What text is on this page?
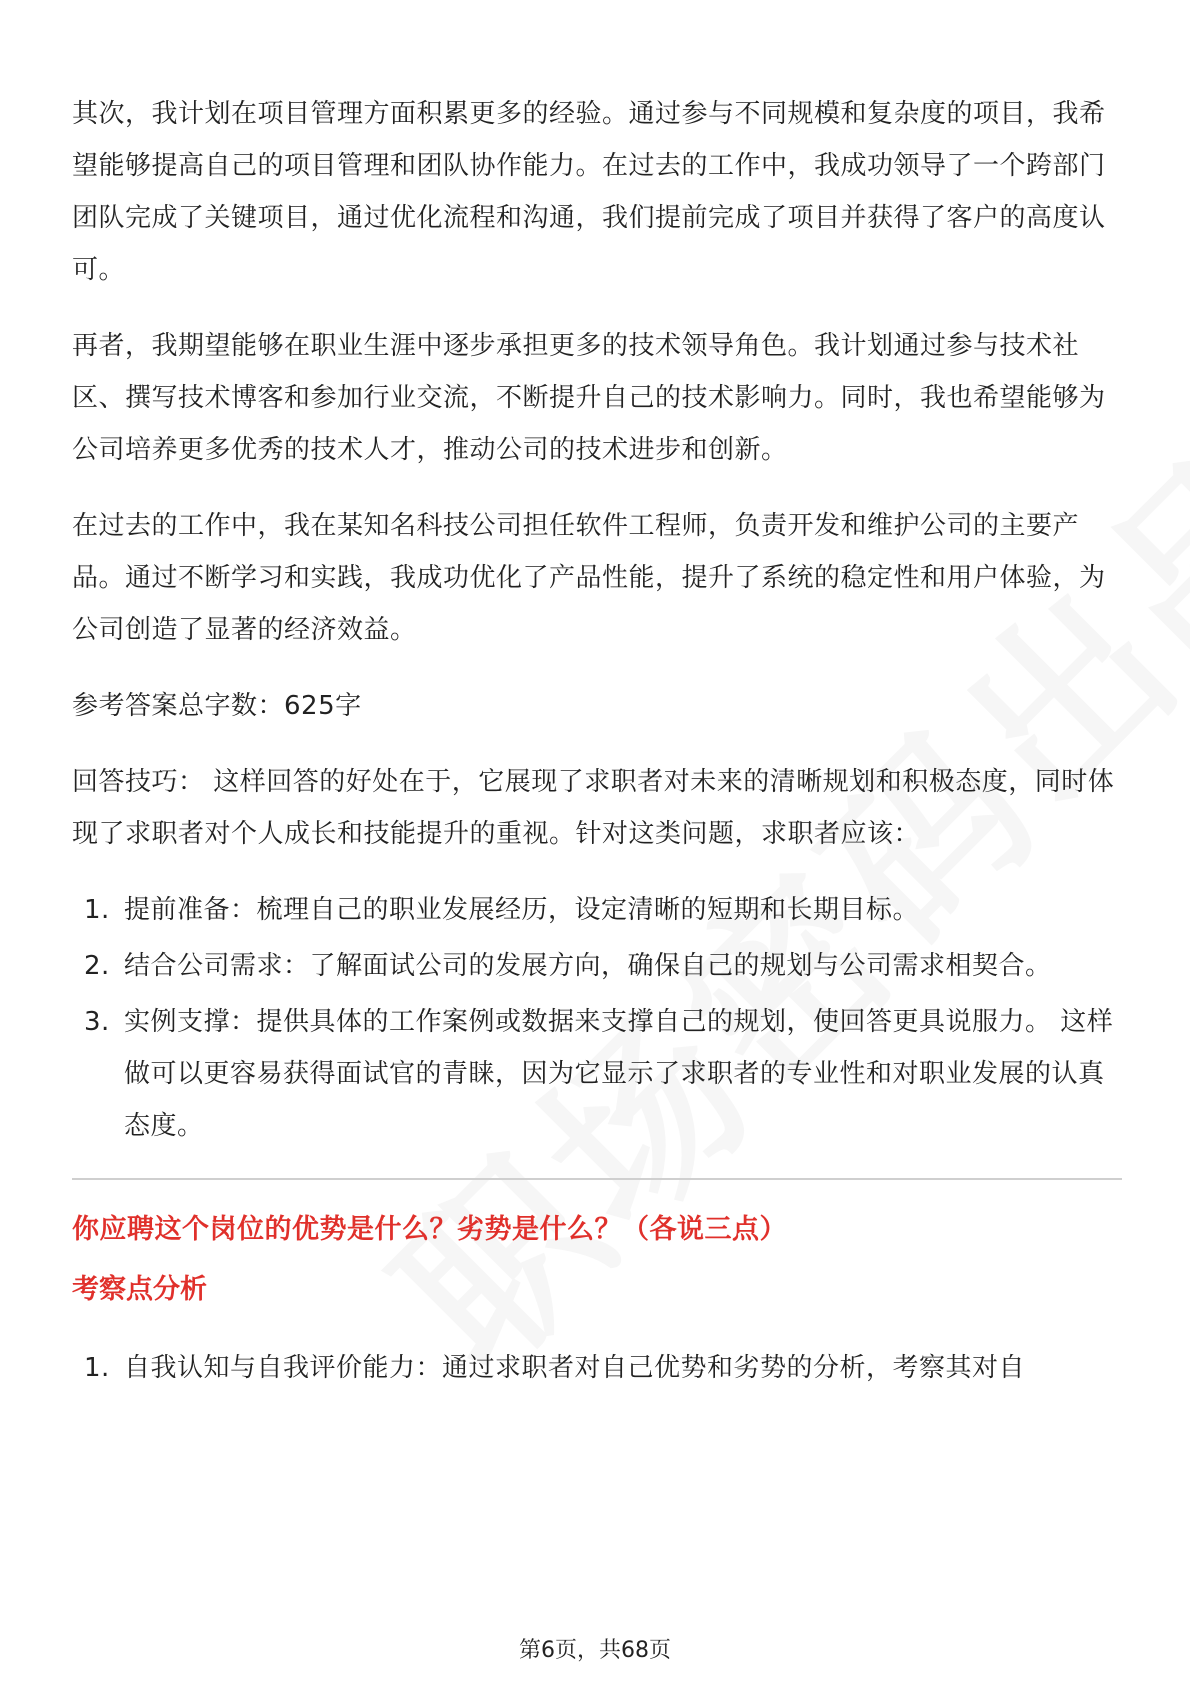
其次，我计划在项目管理方面积累更多的经验。通过参与不同规模和复杂度的项目，我希望能够提高自己的项目管理和团队协作能力。在过去的工作中，我成功领导了一个跨部门团队完成了关键项目，通过优化流程和沟通，我们提前完成了项目并获得了客户的高度认可。

再者，我期望能够在职业生涯中逐步承担更多的技术领导角色。我计划通过参与技术社区、撰写技术博客和参加行业交流，不断提升自己的技术影响力。同时，我也希望能够为公司培养更多优秀的技术人才，推动公司的技术进步和创新。

在过去的工作中，我在某知名科技公司担任软件工程师，负责开发和维护公司的主要产品。通过不断学习和实践，我成功优化了产品性能，提升了系统的稳定性和用户体验，为公司创造了显著的经济效益。

参考答案总字数：625字

回答技巧： 这样回答的好处在于，它展现了求职者对未来的清晰规划和积极态度，同时体现了求职者对个人成长和技能提升的重视。针对这类问题，求职者应该：

1. 提前准备：梳理自己的职业发展经历，设定清晰的短期和长期目标。
2. 结合公司需求：了解面试公司的发展方向，确保自己的规划与公司需求相契合。
3. 实例支撑：提供具体的工作案例或数据来支撑自己的规划，使回答更具说服力。 这样做可以更容易获得面试官的青睐，因为它显示了求职者的专业性和对职业发展的认真态度。

你应聘这个岗位的优势是什么？劣势是什么？（各说三点）

考察点分析

1. 自我认知与自我评价能力：通过求职者对自己优势和劣势的分析，考察其对自
第6页，共68页
